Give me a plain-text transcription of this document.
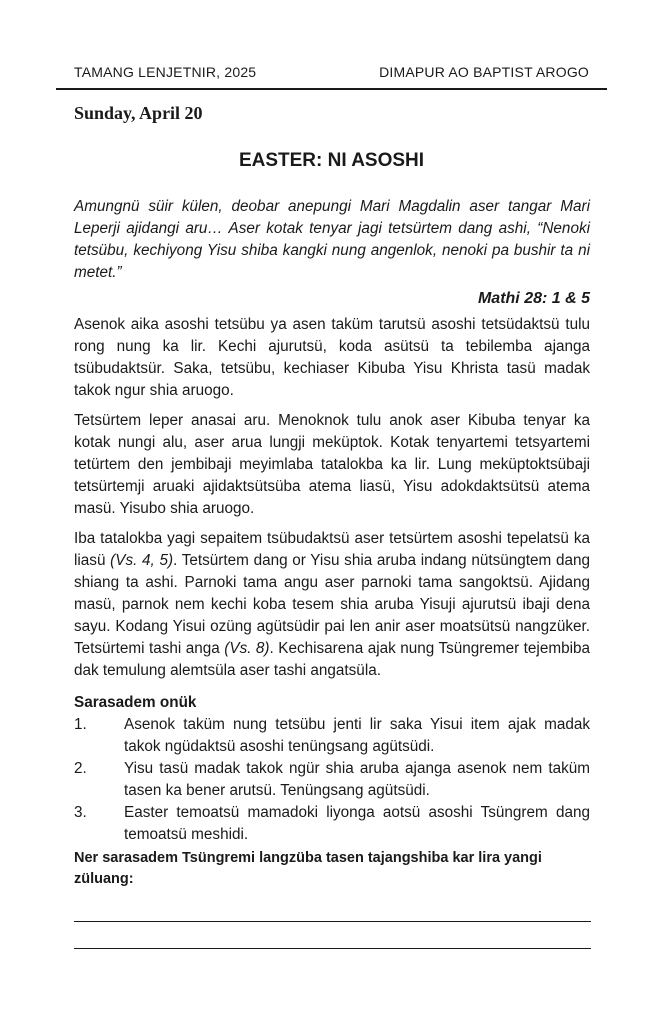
TAMANG LENJETNIR, 2025	DIMAPUR AO BAPTIST AROGO
Sunday, April 20
EASTER: NI ASOSHI

Amungnü süir külen, deobar anepungi Mari Magdalin aser tangar Mari Leperji ajidangi aru… Aser kotak tenyar jagi tetsürtem dang ashi, “Nenoki tetsübu, kechiyong Yisu shiba kangki nung angenlok, nenoki pa bushir ta ni metet.”

Mathi 28: 1 & 5

Asenok aika asoshi tetsübu ya asen taküm tarutsü asoshi tetsüdaktsü tulu rong nung ka lir. Kechi ajurutsü, koda asütsü ta tebilemba ajanga tsübudaktsür. Saka, tetsübu, kechiaser Kibuba Yisu Khrista tasü madak takok ngur shia aruogo.

Tetsürtem leper anasai aru. Menoknok tulu anok aser Kibuba tenyar ka kotak nungi alu, aser arua lungji meküptok. Kotak tenyartemi tetsyartemi tetürtem den jembibaji meyimlaba tatalokba ka lir. Lung meküptoktsübaji tetsürtemji aruaki ajidaktsütsüba atema liasü, Yisu adokdaktsütsü atema masü. Yisubo shia aruogo.

Iba tatalokba yagi sepaitem tsübudaktsü aser tetsürtem asoshi tepelatsü ka liasü (Vs. 4, 5). Tetsürtem dang or Yisu shia aruba indang nütsüngtem dang shiang ta ashi. Parnoki tama angu aser parnoki tama sangoktsü. Ajidang masü, parnok nem kechi koba tesem shia aruba Yisuji ajurutsü ibaji dena sayu. Kodang Yisui ozüng agütsüdir pai len anir aser moatsütsü nangzüker. Tetsürtemi tashi anga (Vs. 8). Kechisarena ajak nung Tsüngremer tejembiba dak temulung alemtsüla aser tashi angatsüla.

Sarasadem onük
1.	Asenok taküm nung tetsübu jenti lir saka Yisui item ajak madak takok ngüdaktsü asoshi tenüngsang agütsüdi.
2.	Yisu tasü madak takok ngür shia aruba ajanga asenok nem taküm tasen ka bener arutsü. Tenüngsang agütsüdi.
3.	Easter temoatsü mamadoki liyonga aotsü asoshi Tsüngrem dang temoatsü meshidi.
Ner sarasadem Tsüngremi langzüba tasen tajangshiba kar lira yangi züluang:
